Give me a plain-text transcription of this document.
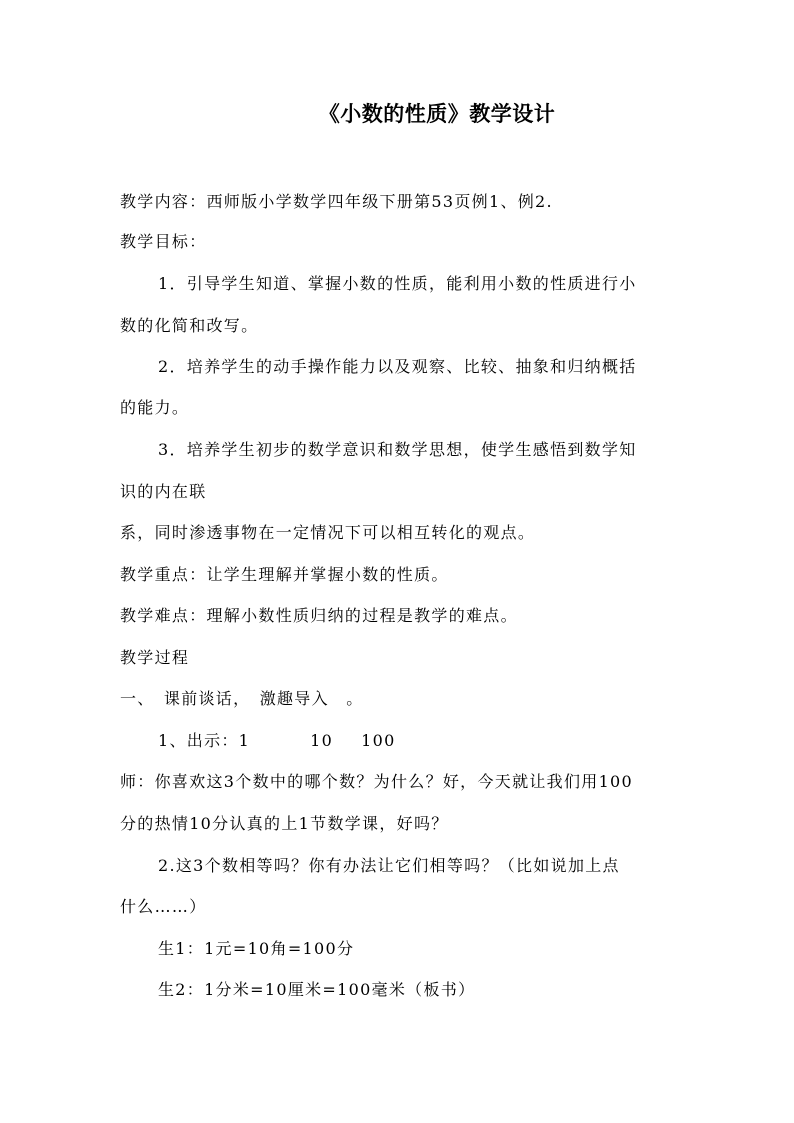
《小数的性质》教学设计
教学内容：西师版小学数学四年级下册第53页例1、例2.
教学目标：
1．引导学生知道、掌握小数的性质，能利用小数的性质进行小
数的化简和改写。
2．培养学生的动手操作能力以及观察、比较、抽象和归纳概括
的能力。
3．培养学生初步的数学意识和数学思想，使学生感悟到数学知
识的内在联
系，同时渗透事物在一定情况下可以相互转化的观点。
教学重点：让学生理解并掌握小数的性质。
教学难点：理解小数性质归纳的过程是教学的难点。
教学过程
一、　课前谈话，　激趣导入　。
1、出示：1	10 100
师：你喜欢这3个数中的哪个数？为什么？好，今天就让我们用100
分的热情10分认真的上1节数学课，好吗？
2.这3个数相等吗？你有办法让它们相等吗？（比如说加上点
什么……）
生1：1元=10角=100分
生2：1分米=10厘米=100毫米（板书）
